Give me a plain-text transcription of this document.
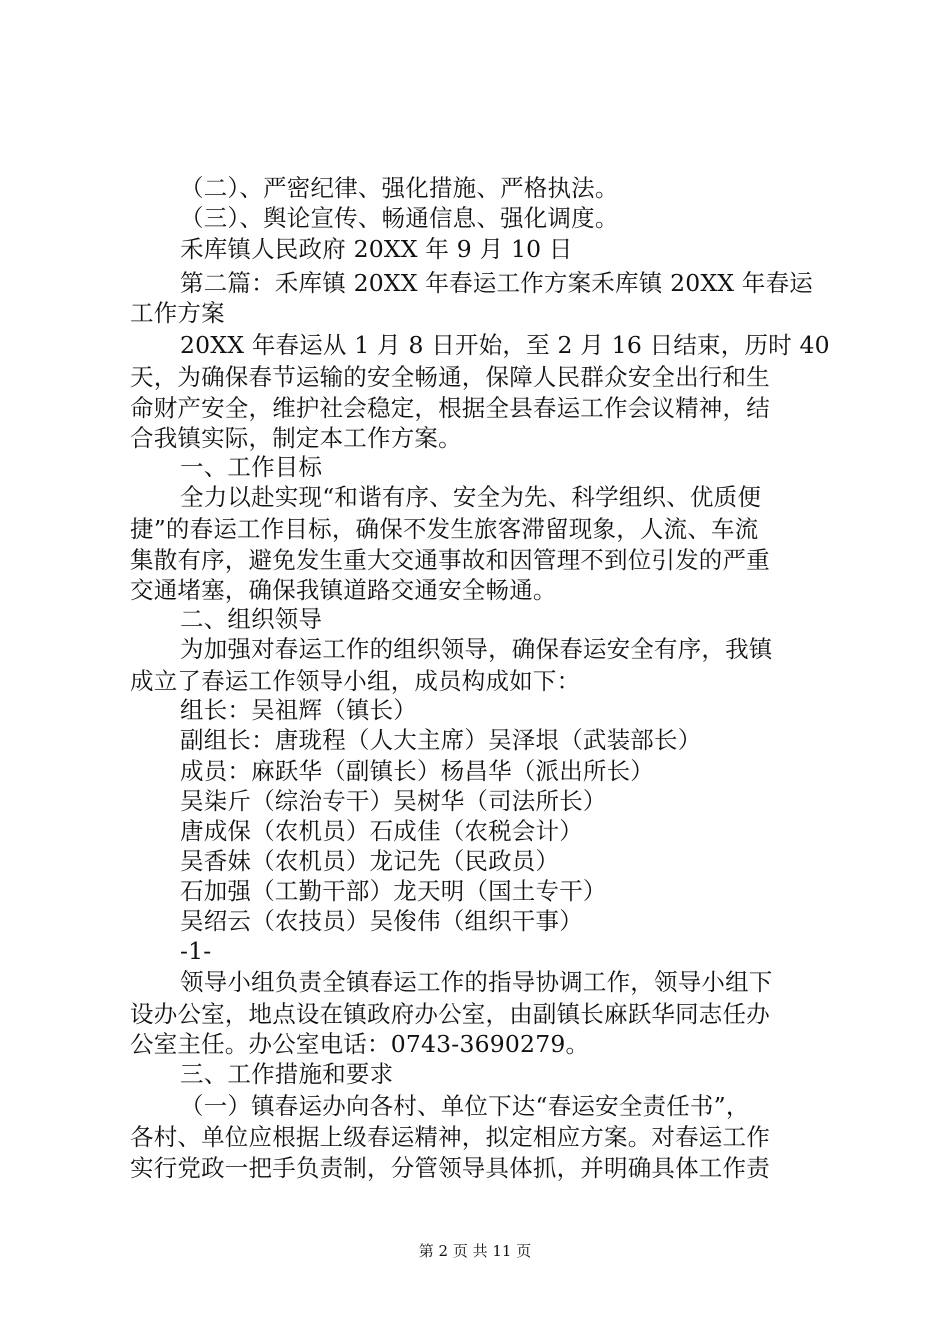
（二）、严密纪律、强化措施、严格执法。
（三）、舆论宣传、畅通信息、强化调度。
禾库镇人民政府 20XX 年 9 月 10 日
第二篇：禾库镇 20XX 年春运工作方案禾库镇 20XX 年春运
工作方案
20XX 年春运从 1 月 8 日开始，至 2 月 16 日结束，历时 40
天，为确保春节运输的安全畅通，保障人民群众安全出行和生
命财产安全，维护社会稳定，根据全县春运工作会议精神，结
合我镇实际，制定本工作方案。
一、工作目标
全力以赴实现“和谐有序、安全为先、科学组织、优质便
捷”的春运工作目标，确保不发生旅客滞留现象，人流、车流
集散有序，避免发生重大交通事故和因管理不到位引发的严重
交通堵塞，确保我镇道路交通安全畅通。
二、组织领导
为加强对春运工作的组织领导，确保春运安全有序，我镇
成立了春运工作领导小组，成员构成如下：
组长：吴祖辉（镇长）
副组长：唐珑程（人大主席）吴泽垠（武装部长）
成员：麻跃华（副镇长）杨昌华（派出所长）
吴柒斤（综治专干）吴树华（司法所长）
唐成保（农机员）石成佳（农税会计）
吴香妹（农机员）龙记先（民政员）
石加强（工勤干部）龙天明（国土专干）
吴绍云（农技员）吴俊伟（组织干事）
-1-
领导小组负责全镇春运工作的指导协调工作，领导小组下
设办公室，地点设在镇政府办公室，由副镇长麻跃华同志任办
公室主任。办公室电话：0743-3690279。
三、工作措施和要求
（一）镇春运办向各村、单位下达“春运安全责任书”，
各村、单位应根据上级春运精神，拟定相应方案。对春运工作
实行党政一把手负责制，分管领导具体抓，并明确具体工作责
第 2 页 共 11 页
